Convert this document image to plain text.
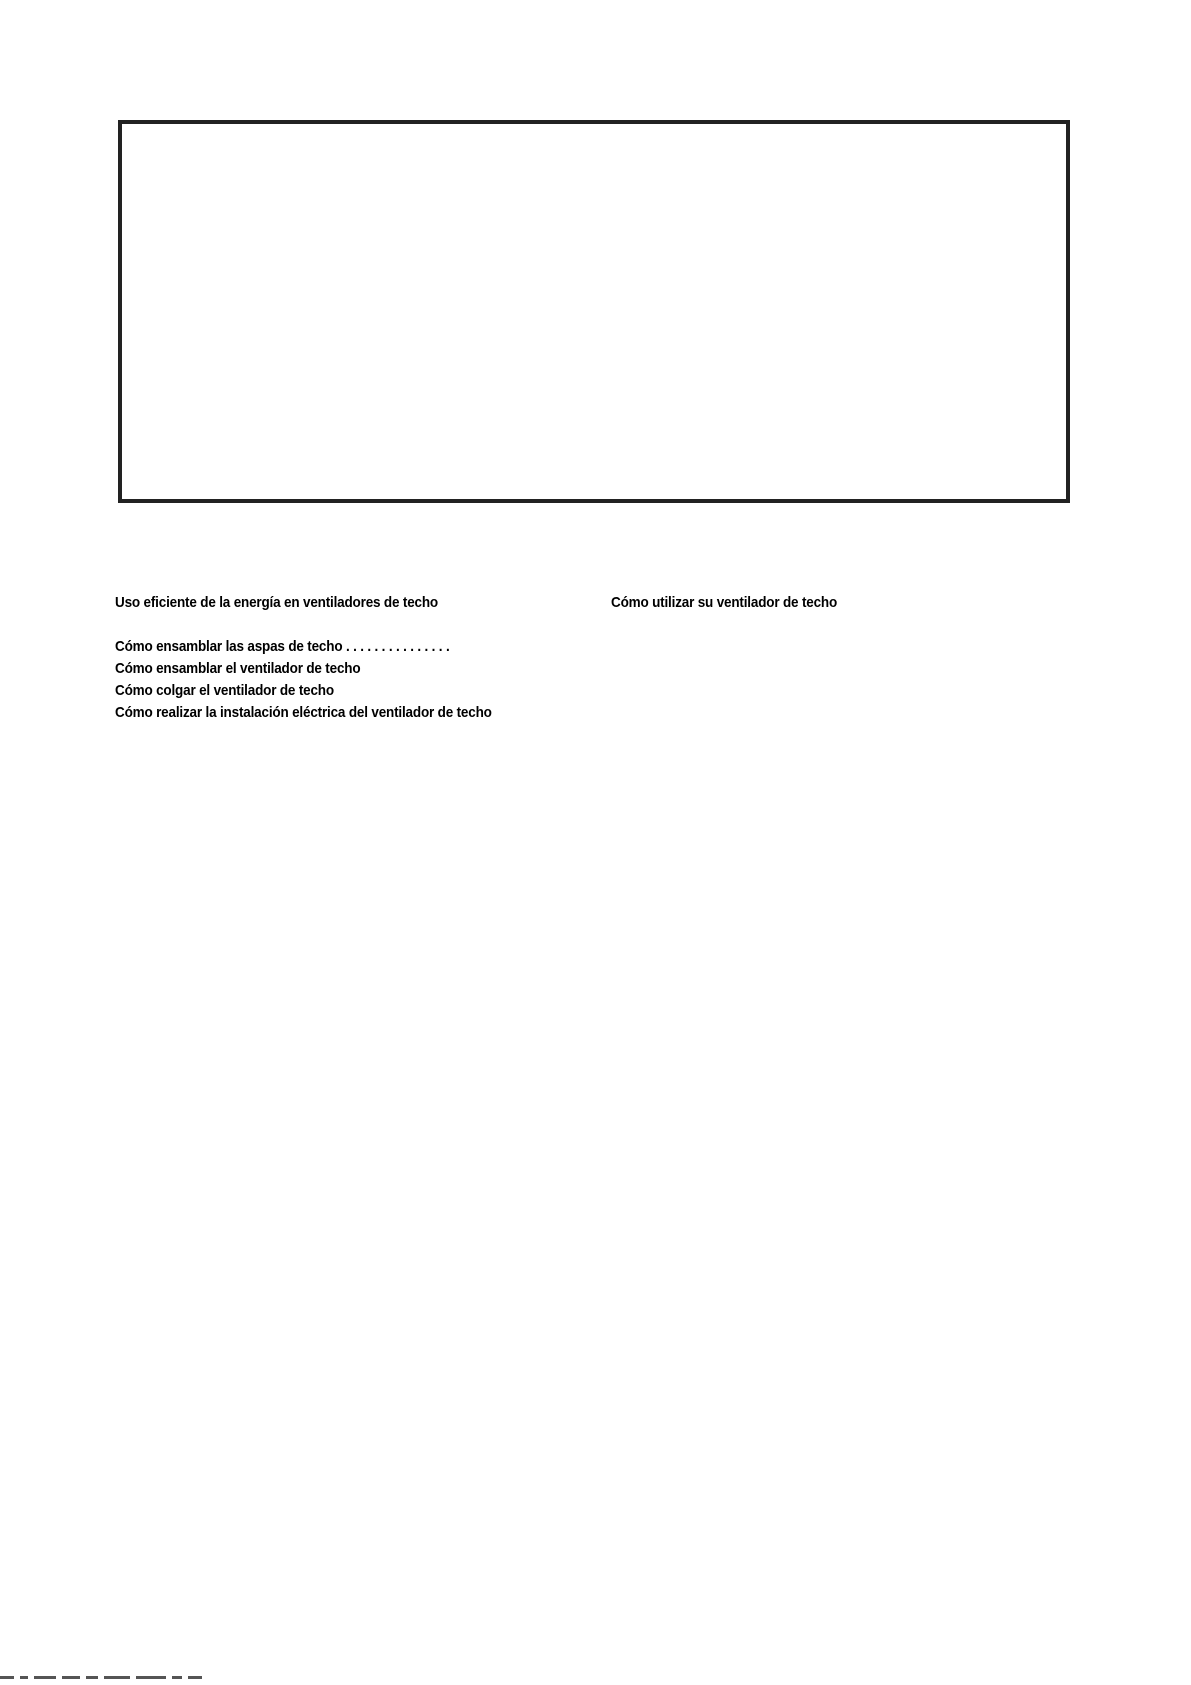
Uso eficiente de la energía en ventiladores de techo
Cómo ensamblar las aspas de techo . . . . . . . . . . . . . . .
Cómo ensamblar el ventilador de techo
Cómo colgar el ventilador de techo
Cómo realizar la instalación eléctrica del ventilador de techo
Cómo utilizar su ventilador de techo
